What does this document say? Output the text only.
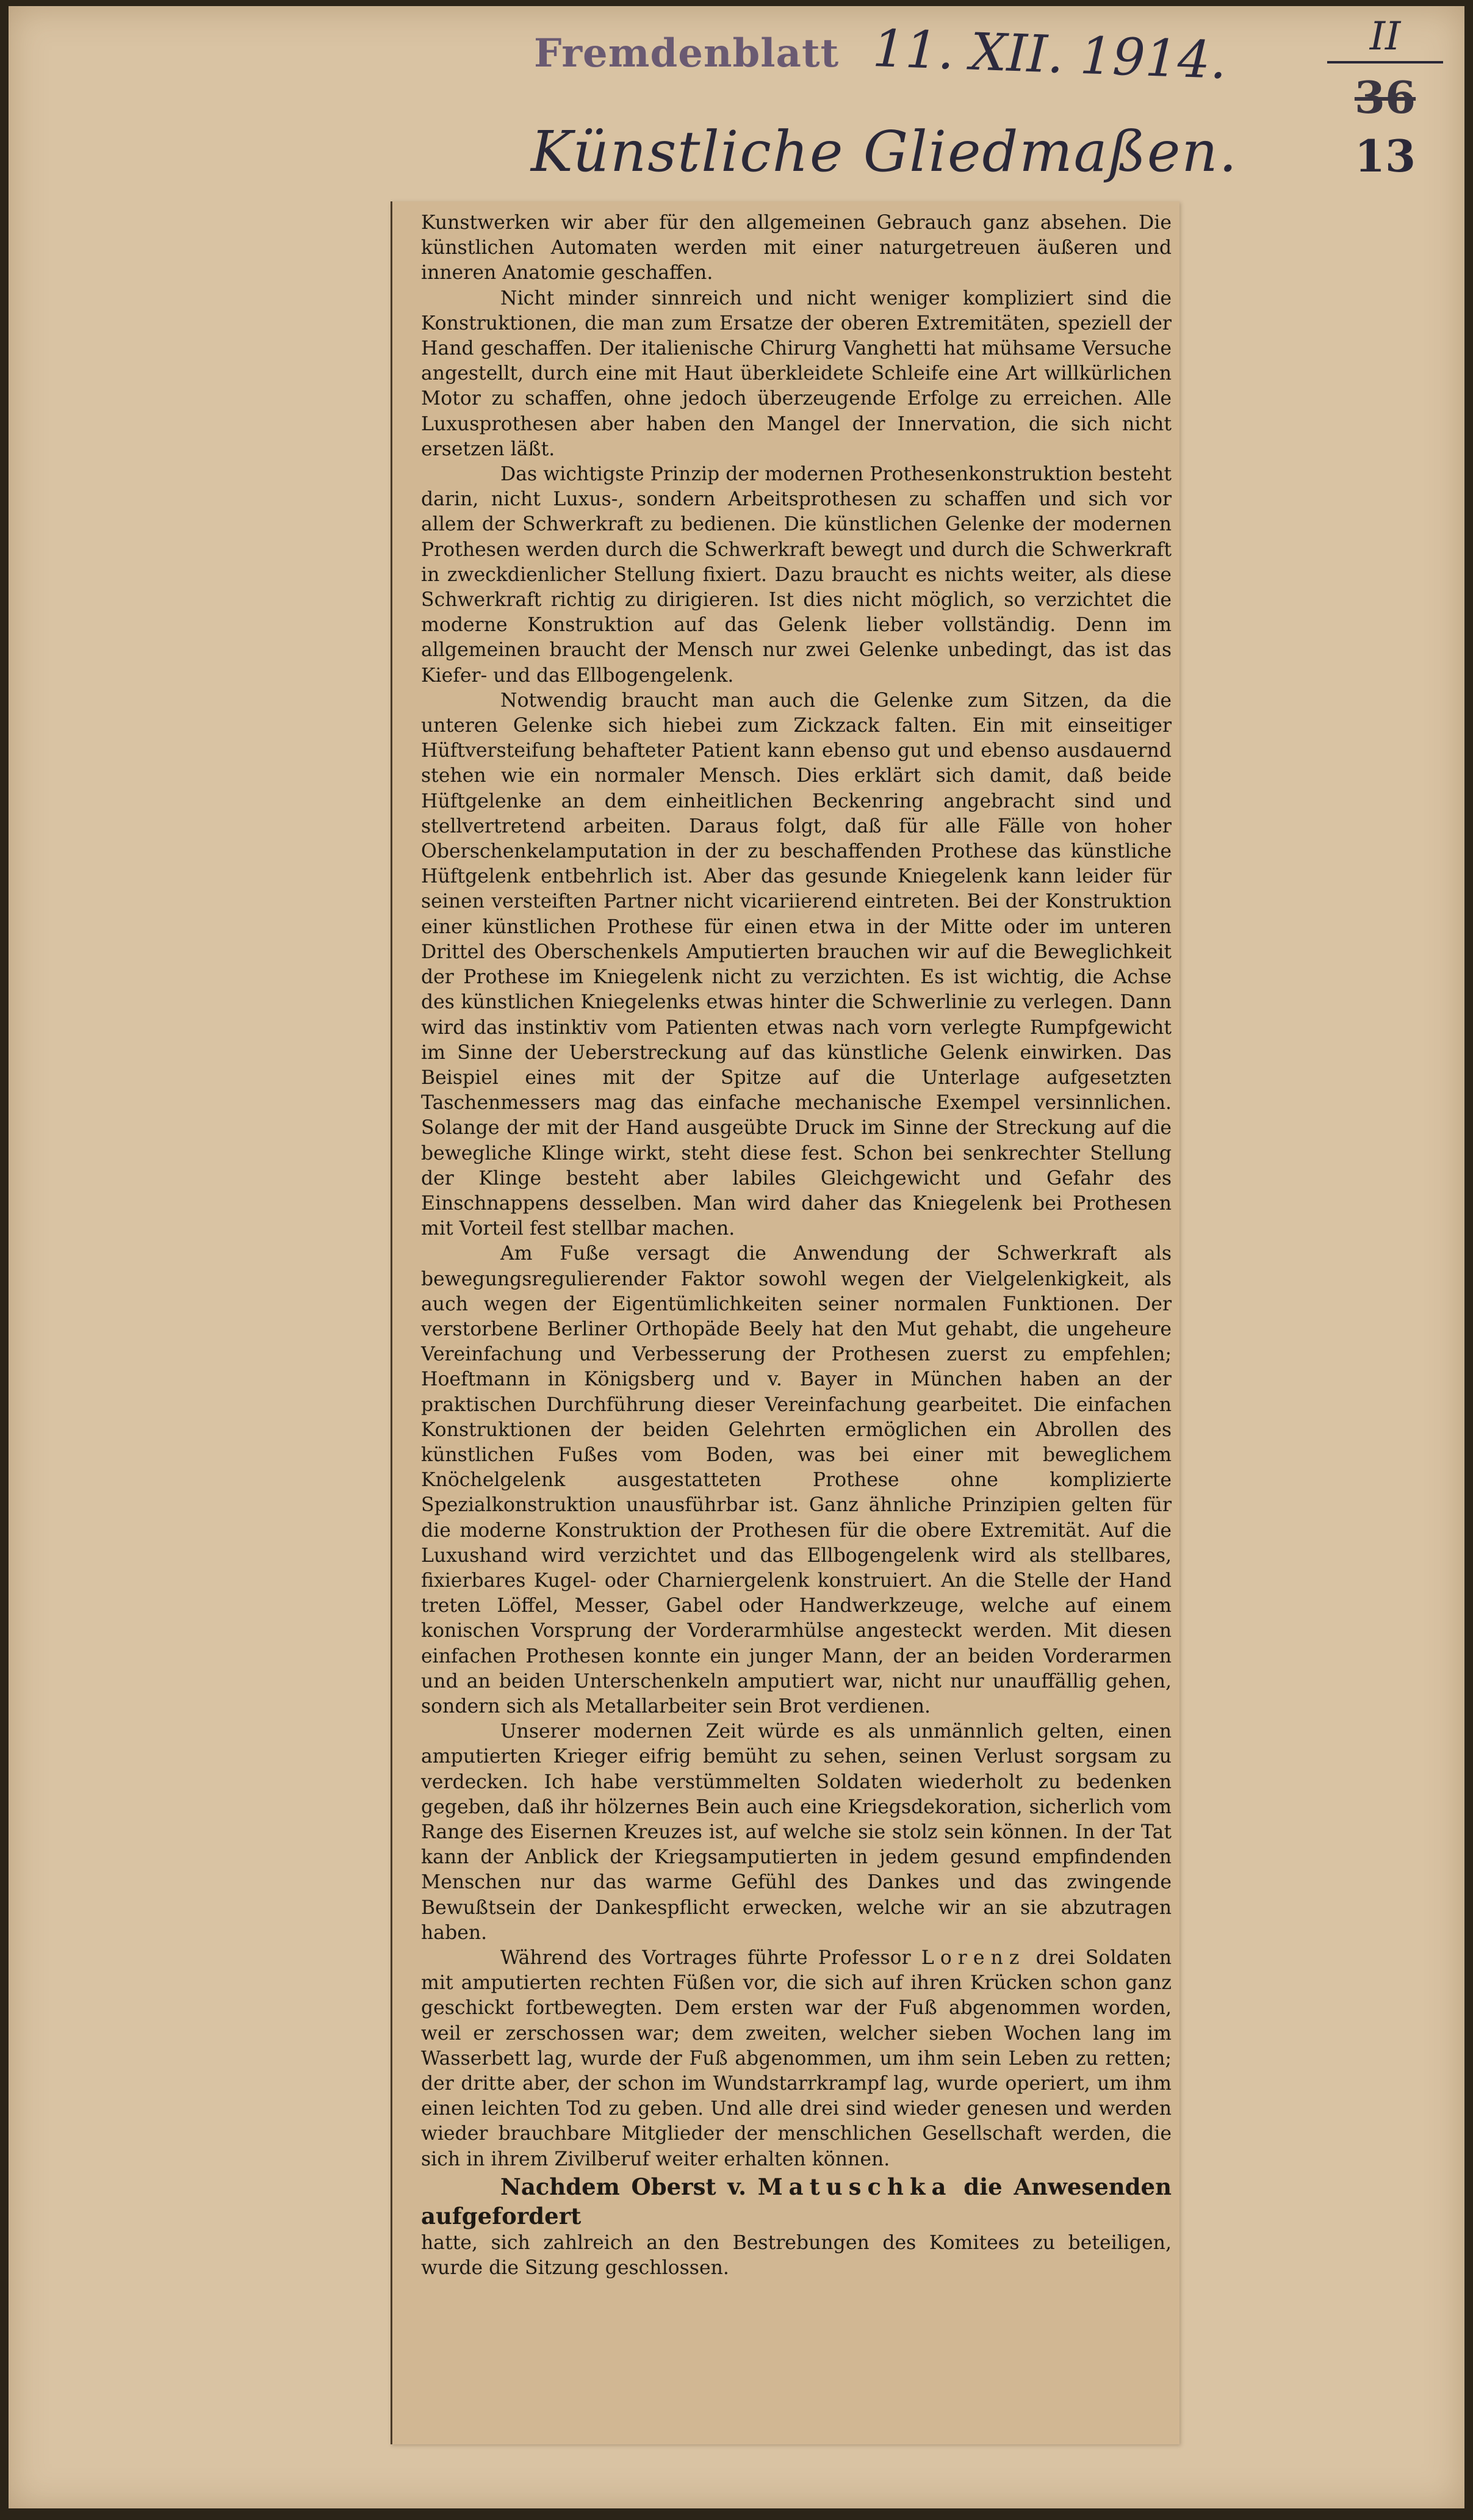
Fremdenblatt 11. XII. 1914.
Künstliche Gliedmaßen.
II
36
13

Kunstwerken wir aber für den allgemeinen Gebrauch ganz absehen. Die künstlichen Automaten werden mit einer naturgetreuen äußeren und inneren Anatomie geschaffen.

Nicht minder sinnreich und nicht weniger kompliziert sind die Konstruktionen, die man zum Ersatze der oberen Extremitäten, speziell der Hand geschaffen. Der italienische Chirurg Vanghetti hat mühsame Versuche angestellt, durch eine mit Haut überkleidete Schleife eine Art willkürlichen Motor zu schaffen, ohne jedoch überzeugende Erfolge zu erreichen. Alle Luxusprothesen aber haben den Mangel der Innervation, die sich nicht ersetzen läßt.

Das wichtigste Prinzip der modernen Prothesenkonstruktion besteht darin, nicht Luxus-, sondern Arbeitsprothesen zu schaffen und sich vor allem der Schwerkraft zu bedienen. Die künstlichen Gelenke der modernen Prothesen werden durch die Schwerkraft bewegt und durch die Schwerkraft in zweckdienlicher Stellung fixiert. Dazu braucht es nichts weiter, als diese Schwerkraft richtig zu dirigieren. Ist dies nicht möglich, so verzichtet die moderne Konstruktion auf das Gelenk lieber vollständig. Denn im allgemeinen braucht der Mensch nur zwei Gelenke unbedingt, das ist das Kiefer- und das Ellbogengelenk.

Notwendig braucht man auch die Gelenke zum Sitzen, da die unteren Gelenke sich hiebei zum Zickzack falten. Ein mit einseitiger Hüftversteifung behafteter Patient kann ebenso gut und ebenso ausdauernd stehen wie ein normaler Mensch. Dies erklärt sich damit, daß beide Hüftgelenke an dem einheitlichen Beckenring angebracht sind und stellvertretend arbeiten. Daraus folgt, daß für alle Fälle von hoher Oberschenkelamputation in der zu beschaffenden Prothese das künstliche Hüftgelenk entbehrlich ist. Aber das gesunde Kniegelenk kann leider für seinen versteiften Partner nicht vicariierend eintreten. Bei der Konstruktion einer künstlichen Prothese für einen etwa in der Mitte oder im unteren Drittel des Oberschenkels Amputierten brauchen wir auf die Beweglichkeit der Prothese im Kniegelenk nicht zu verzichten. Es ist wichtig, die Achse des künstlichen Kniegelenks etwas hinter die Schwerlinie zu verlegen. Dann wird das instinktiv vom Patienten etwas nach vorn verlegte Rumpfgewicht im Sinne der Ueberstreckung auf das künstliche Gelenk einwirken. Das Beispiel eines mit der Spitze auf die Unterlage aufgesetzten Taschenmessers mag das einfache mechanische Exempel versinnlichen. Solange der mit der Hand ausgeübte Druck im Sinne der Streckung auf die bewegliche Klinge wirkt, steht diese fest. Schon bei senkrechter Stellung der Klinge besteht aber labiles Gleichgewicht und Gefahr des Einschnappens desselben. Man wird daher das Kniegelenk bei Prothesen mit Vorteil fest stellbar machen.

Am Fuße versagt die Anwendung der Schwerkraft als bewegungsregulierender Faktor sowohl wegen der Vielgelenkigkeit, als auch wegen der Eigentümlichkeiten seiner normalen Funktionen. Der verstorbene Berliner Orthopäde Beely hat den Mut gehabt, die ungeheure Vereinfachung und Verbesserung der Prothesen zuerst zu empfehlen; Hoeftmann in Königsberg und v. Bayer in München haben an der praktischen Durchführung dieser Vereinfachung gearbeitet. Die einfachen Konstruktionen der beiden Gelehrten ermöglichen ein Abrollen des künstlichen Fußes vom Boden, was bei einer mit beweglichem Knöchelgelenk ausgestatteten Prothese ohne komplizierte Spezialkonstruktion unausführbar ist. Ganz ähnliche Prinzipien gelten für die moderne Konstruktion der Prothesen für die obere Extremität. Auf die Luxushand wird verzichtet und das Ellbogengelenk wird als stellbares, fixierbares Kugel- oder Charniergelenk konstruiert. An die Stelle der Hand treten Löffel, Messer, Gabel oder Handwerkzeuge, welche auf einem konischen Vorsprung der Vorderarmhülse angesteckt werden. Mit diesen einfachen Prothesen konnte ein junger Mann, der an beiden Vorderarmen und an beiden Unterschenkeln amputiert war, nicht nur unauffällig gehen, sondern sich als Metallarbeiter sein Brot verdienen.

Unserer modernen Zeit würde es als unmännlich gelten, einen amputierten Krieger eifrig bemüht zu sehen, seinen Verlust sorgsam zu verdecken. Ich habe verstümmelten Soldaten wiederholt zu bedenken gegeben, daß ihr hölzernes Bein auch eine Kriegsdekoration, sicherlich vom Range des Eisernen Kreuzes ist, auf welche sie stolz sein können. In der Tat kann der Anblick der Kriegsamputierten in jedem gesund empfindenden Menschen nur das warme Gefühl des Dankes und das zwingende Bewußtsein der Dankespflicht erwecken, welche wir an sie abzutragen haben.

Während des Vortrages führte Professor Lorenz drei Soldaten mit amputierten rechten Füßen vor, die sich auf ihren Krücken schon ganz geschickt fortbewegten. Dem ersten war der Fuß abgenommen worden, weil er zerschossen war; dem zweiten, welcher sieben Wochen lang im Wasserbett lag, wurde der Fuß abgenommen, um ihm sein Leben zu retten; der dritte aber, der schon im Wundstarrkrampf lag, wurde operiert, um ihm einen leichten Tod zu geben. Und alle drei sind wieder genesen und werden wieder brauchbare Mitglieder der menschlichen Gesellschaft werden, die sich in ihrem Zivilberuf weiter erhalten können.

Nachdem Oberst v. Matuschka die Anwesenden aufgefordert

hatte, sich zahlreich an den Bestrebungen des Komitees zu beteiligen, wurde die Sitzung geschlossen.
